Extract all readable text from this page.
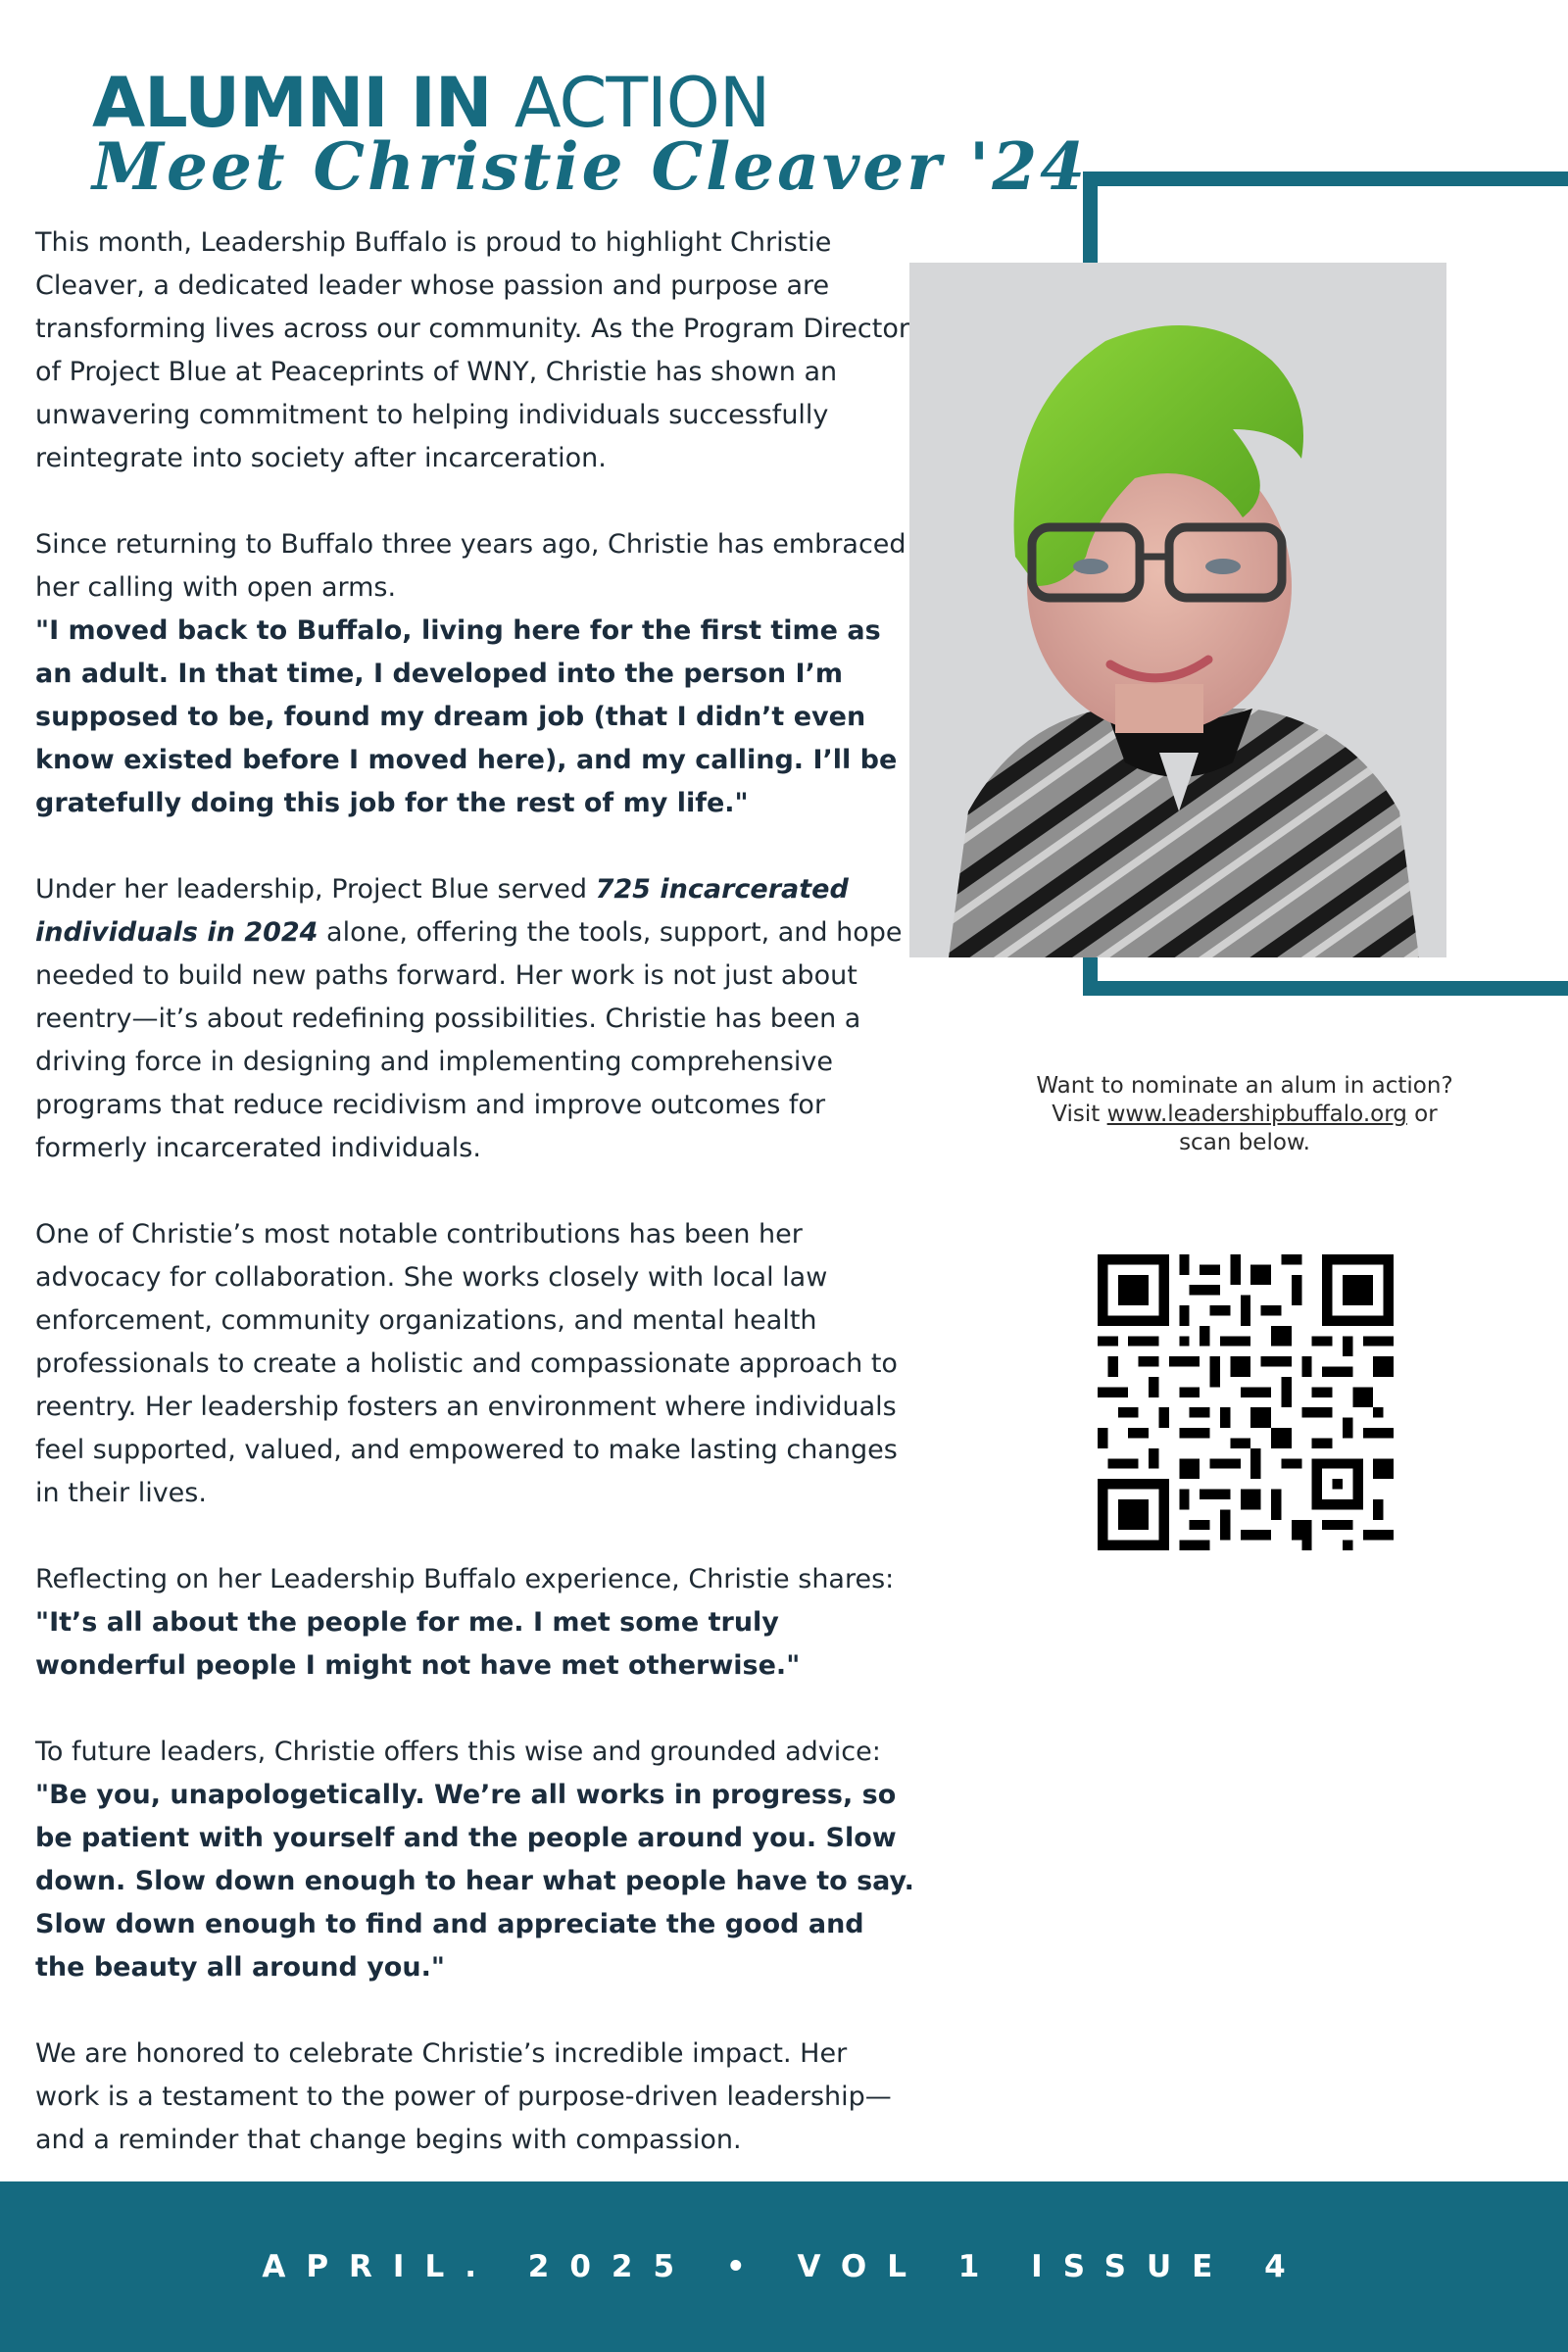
ALUMNI IN ACTION
Meet Christie Cleaver '24

This month, Leadership Buffalo is proud to highlight Christie Cleaver, a dedicated leader whose passion and purpose are transforming lives across our community. As the Program Director of Project Blue at Peaceprints of WNY, Christie has shown an unwavering commitment to helping individuals successfully reintegrate into society after incarceration.

Since returning to Buffalo three years ago, Christie has embraced her calling with open arms.
"I moved back to Buffalo, living here for the first time as an adult. In that time, I developed into the person I’m supposed to be, found my dream job (that I didn’t even know existed before I moved here), and my calling. I’ll be gratefully doing this job for the rest of my life."

Under her leadership, Project Blue served 725 incarcerated individuals in 2024 alone, offering the tools, support, and hope needed to build new paths forward. Her work is not just about reentry—it’s about redefining possibilities. Christie has been a driving force in designing and implementing comprehensive programs that reduce recidivism and improve outcomes for formerly incarcerated individuals.

One of Christie’s most notable contributions has been her advocacy for collaboration. She works closely with local law enforcement, community organizations, and mental health professionals to create a holistic and compassionate approach to reentry. Her leadership fosters an environment where individuals feel supported, valued, and empowered to make lasting changes in their lives.

Reflecting on her Leadership Buffalo experience, Christie shares:
"It’s all about the people for me. I met some truly wonderful people I might not have met otherwise."

To future leaders, Christie offers this wise and grounded advice:
"Be you, unapologetically. We’re all works in progress, so be patient with yourself and the people around you. Slow down. Slow down enough to hear what people have to say. Slow down enough to find and appreciate the good and the beauty all around you."

We are honored to celebrate Christie’s incredible impact. Her work is a testament to the power of purpose-driven leadership—and a reminder that change begins with compassion.

Want to nominate an alum in action?
Visit www.leadershipbuffalo.org or
scan below.

APRIL. 2025 • VOL 1 ISSUE 4
